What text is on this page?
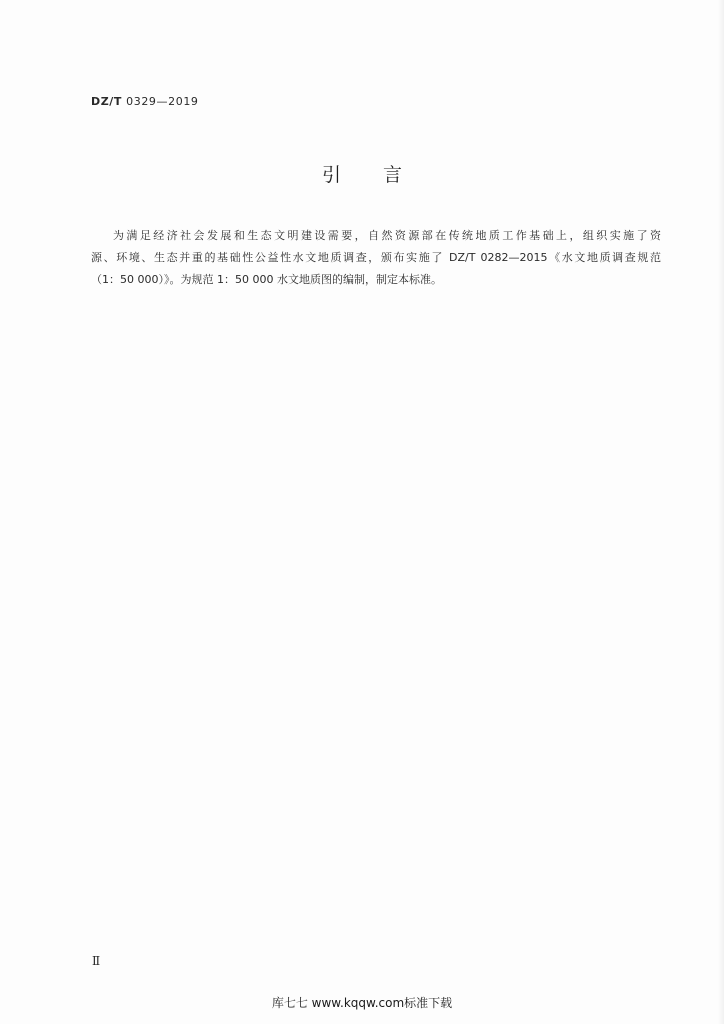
DZ/T 0329—2019
引 言
为满足经济社会发展和生态文明建设需要，自然资源部在传统地质工作基础上，组织实施了资
源、环境、生态并重的基础性公益性水文地质调查，颁布实施了 DZ/T 0282—2015《水文地质调查规范
（1：50 000）》。为规范 1：50 000 水文地质图的编制，制定本标准。
Ⅱ
库七七 www.kqqw.com标准下载
